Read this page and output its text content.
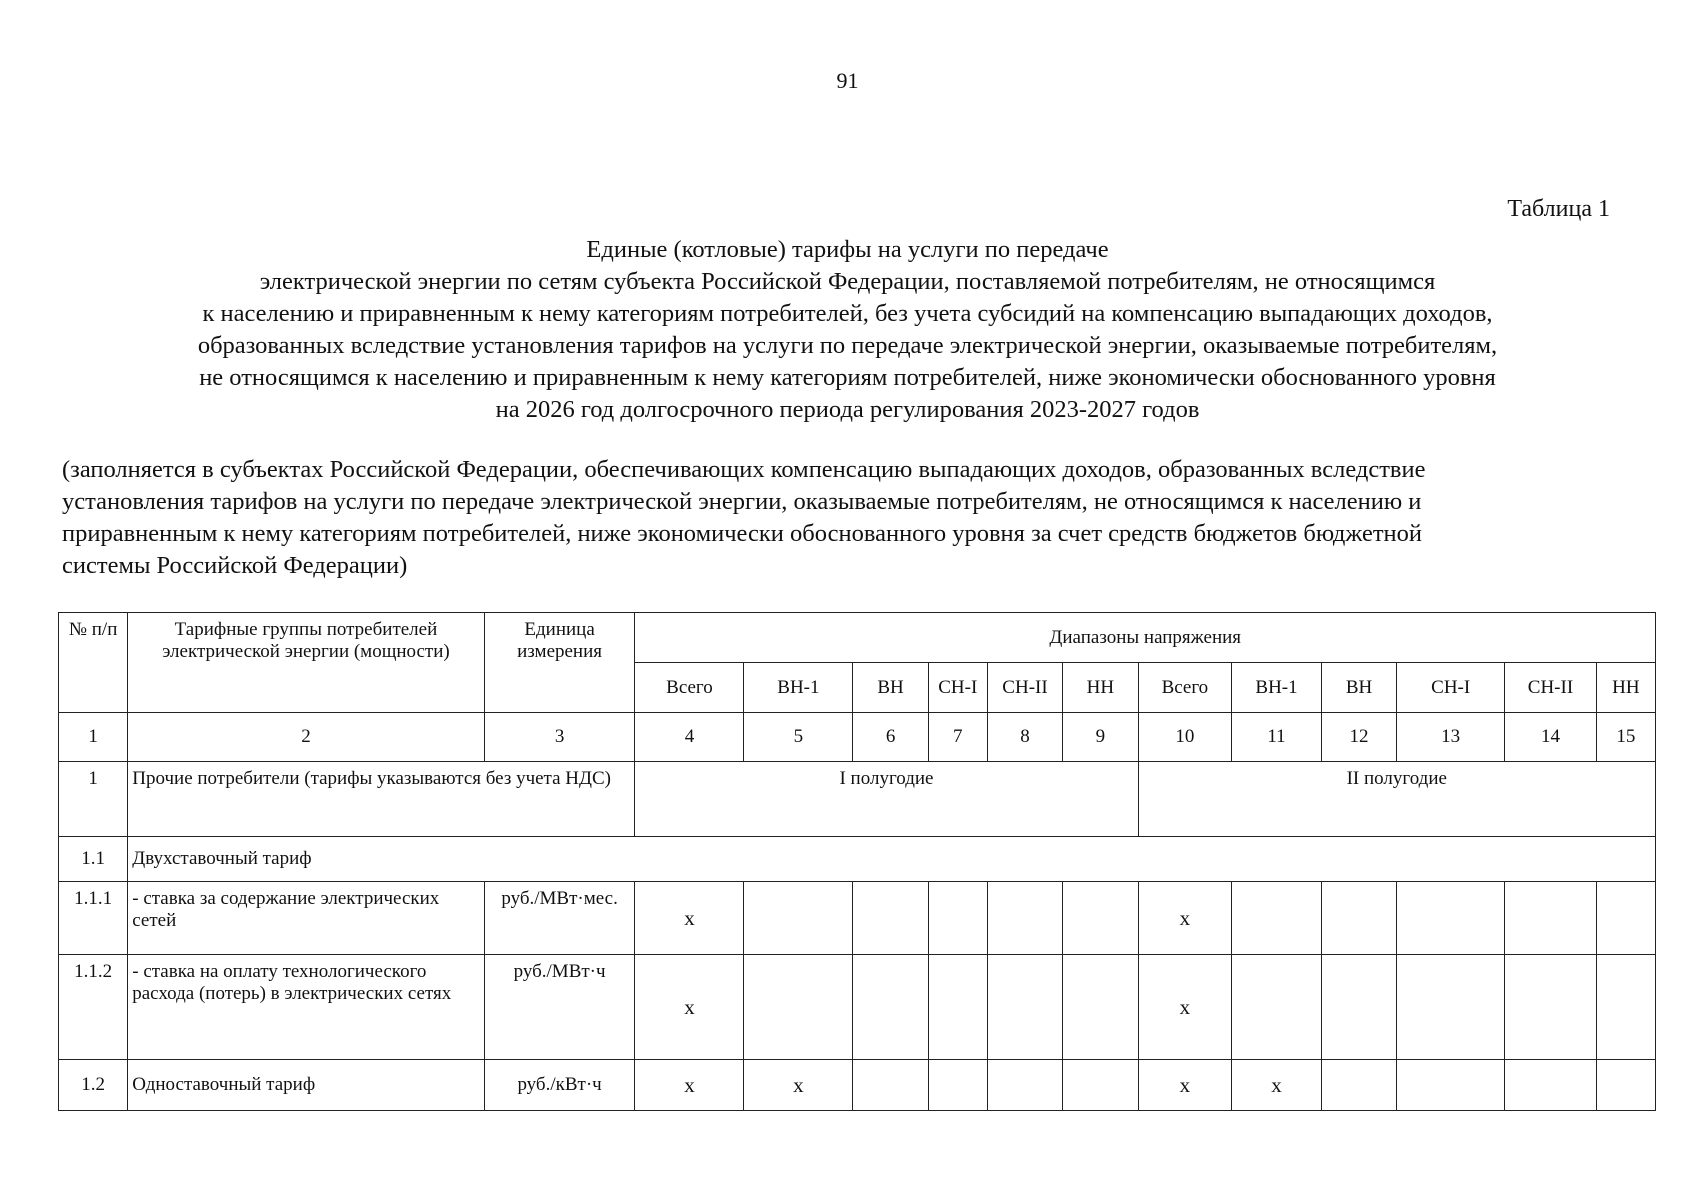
91
Таблица 1
Единые (котловые) тарифы на услуги по передаче
электрической энергии по сетям субъекта Российской Федерации, поставляемой потребителям, не относящимся
к населению и приравненным к нему категориям потребителей, без учета субсидий на компенсацию выпадающих доходов,
образованных вследствие установления тарифов на услуги по передаче электрической энергии, оказываемые потребителям,
не относящимся к населению и приравненным к нему категориям потребителей, ниже экономически обоснованного уровня
на 2026 год долгосрочного периода регулирования 2023-2027 годов
(заполняется в субъектах Российской Федерации, обеспечивающих компенсацию выпадающих доходов, образованных вследствие
установления тарифов на услуги по передаче электрической энергии, оказываемые потребителям, не относящимся к населению и
приравненным к нему категориям потребителей, ниже экономически обоснованного уровня за счет средств бюджетов бюджетной
системы Российской Федерации)
№ п/п	Тарифные группы потребителей электрической энергии (мощности)	Единица измерения	Диапазоны напряжения											
			Всего	ВН-1	ВН	СН-I	СН-II	НН	Всего	ВН-1	ВН	СН-I	СН-II	НН
1	2	3	4	5	6	7	8	9	10	11	12	13	14	15
1	Прочие потребители (тарифы указываются без учета НДС)		I полугодие						II полугодие					
1.1	Двухставочный тариф													
1.1.1	- ставка за содержание электрических сетей	руб./МВт·мес.	х						х					
1.1.2	- ставка на оплату технологического расхода (потерь) в электрических сетях	руб./МВт·ч	х						х					
1.2	Одноставочный тариф	руб./кВт·ч	х	х					х	х				
